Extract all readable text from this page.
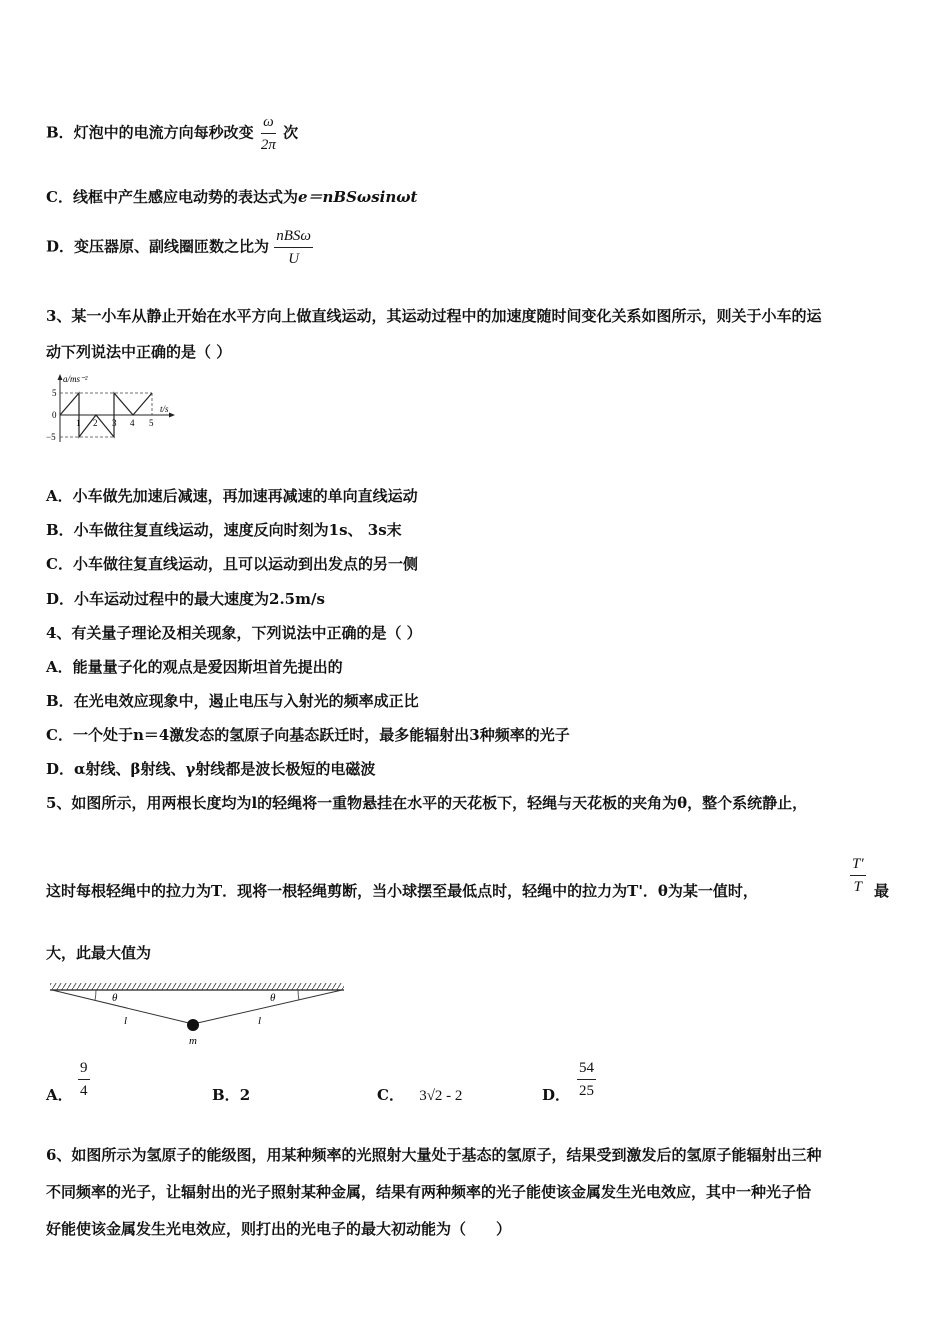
B．灯泡中的电流方向每秒改变 $\frac{\omega}{2\pi}$ 次
C．线框中产生感应电动势的表达式为e＝nBSωsinωt
D．变压器原、副线圈匝数之比为 $\frac{\text{nBSω}}{U}$
3、某一小车从静止开始在水平方向上做直线运动，其运动过程中的加速度随时间变化关系如图所示，则关于小车的运
动下列说法中正确的是（ ）
a/ms⁻²
t/s
5
0
−5
1 2 3 4 5
A．小车做先加速后减速，再加速再减速的单向直线运动
B．小车做往复直线运动，速度反向时刻为1s、 3s末
C．小车做往复直线运动，且可以运动到出发点的另一侧
D．小车运动过程中的最大速度为2.5m/s
4、有关量子理论及相关现象，下列说法中正确的是（ ）
A．能量量子化的观点是爱因斯坦首先提出的
B．在光电效应现象中，遏止电压与入射光的频率成正比
C．一个处于n＝4激发态的氢原子向基态跃迁时，最多能辐射出3种频率的光子
D．α射线、β射线、γ射线都是波长极短的电磁波
5、如图所示，用两根长度均为l的轻绳将一重物悬挂在水平的天花板下，轻绳与天花板的夹角为θ，整个系统静止，
这时每根轻绳中的拉力为T．现将一根轻绳剪断，当小球摆至最低点时，轻绳中的拉力为T'．θ为某一值时，	$\frac{T'}{T}$ 最
大，此最大值为
θ	θ
l	l
m
A． $\frac{9}{4}$	B．2	C． 3√2 - 2	D． $\frac{54}{25}$
6、如图所示为氢原子的能级图，用某种频率的光照射大量处于基态的氢原子，结果受到激发后的氢原子能辐射出三种
不同频率的光子，让辐射出的光子照射某种金属，结果有两种频率的光子能使该金属发生光电效应，其中一种光子恰
好能使该金属发生光电效应，则打出的光电子的最大初动能为（　　）
